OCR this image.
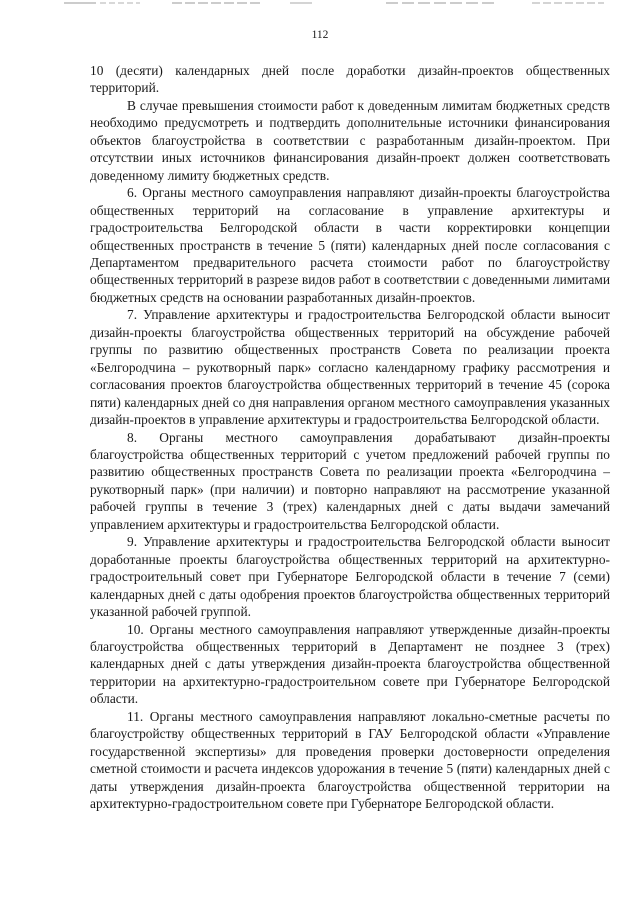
112

10 (десяти) календарных дней после доработки дизайн-проектов общественных территорий.

В случае превышения стоимости работ к доведенным лимитам бюджетных средств необходимо предусмотреть и подтвердить дополнительные источники финансирования объектов благоустройства в соответствии с разработанным дизайн-проектом. При отсутствии иных источников финансирования дизайн-проект должен соответствовать доведенному лимиту бюджетных средств.

6. Органы местного самоуправления направляют дизайн-проекты благоустройства общественных территорий на согласование в управление архитектуры и градостроительства Белгородской области в части корректировки концепции общественных пространств в течение 5 (пяти) календарных дней после согласования с Департаментом предварительного расчета стоимости работ по благоустройству общественных территорий в разрезе видов работ в соответствии с доведенными лимитами бюджетных средств на основании разработанных дизайн-проектов.

7. Управление архитектуры и градостроительства Белгородской области выносит дизайн-проекты благоустройства общественных территорий на обсуждение рабочей группы по развитию общественных пространств Совета по реализации проекта «Белгородчина – рукотворный парк» согласно календарному графику рассмотрения и согласования проектов благоустройства общественных территорий в течение 45 (сорока пяти) календарных дней со дня направления органом местного самоуправления указанных дизайн-проектов в управление архитектуры и градостроительства Белгородской области.

8. Органы местного самоуправления дорабатывают дизайн-проекты благоустройства общественных территорий с учетом предложений рабочей группы по развитию общественных пространств Совета по реализации проекта «Белгородчина – рукотворный парк» (при наличии) и повторно направляют на рассмотрение указанной рабочей группы в течение 3 (трех) календарных дней с даты выдачи замечаний управлением архитектуры и градостроительства Белгородской области.

9. Управление архитектуры и градостроительства Белгородской области выносит доработанные проекты благоустройства общественных территорий на архитектурно-градостроительный совет при Губернаторе Белгородской области в течение 7 (семи) календарных дней с даты одобрения проектов благоустройства общественных территорий указанной рабочей группой.

10. Органы местного самоуправления направляют утвержденные дизайн-проекты благоустройства общественных территорий в Департамент не позднее 3 (трех) календарных дней с даты утверждения дизайн-проекта благоустройства общественной территории на архитектурно-градостроительном совете при Губернаторе Белгородской области.

11. Органы местного самоуправления направляют локально-сметные расчеты по благоустройству общественных территорий в ГАУ Белгородской области «Управление государственной экспертизы» для проведения проверки достоверности определения сметной стоимости и расчета индексов удорожания в течение 5 (пяти) календарных дней с даты утверждения дизайн-проекта благоустройства общественной территории на архитектурно-градостроительном совете при Губернаторе Белгородской области.
